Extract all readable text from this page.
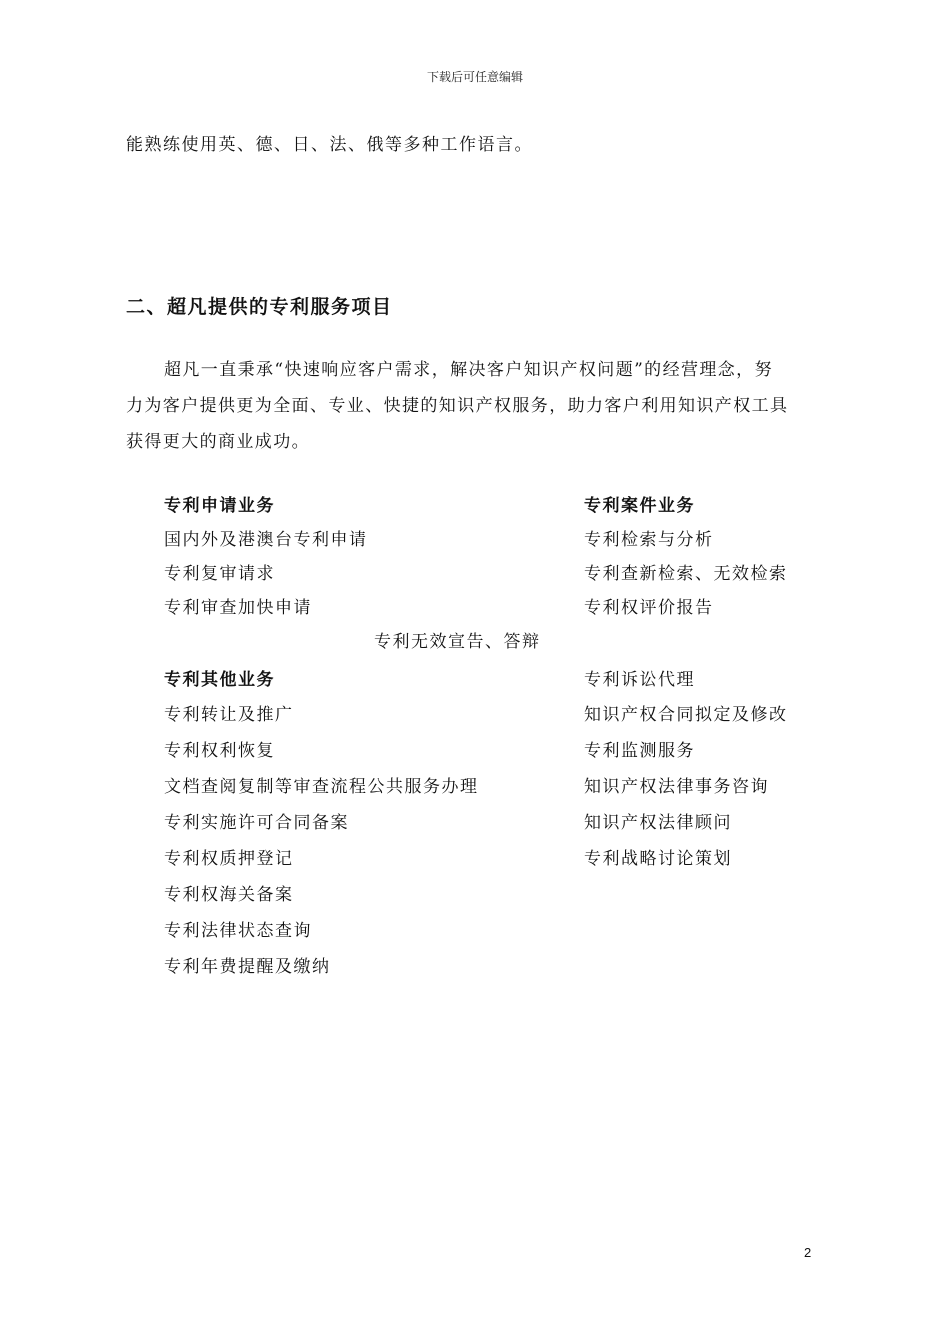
下载后可任意编辑
能熟练使用英、德、日、法、俄等多种工作语言。
二、超凡提供的专利服务项目
超凡一直秉承“快速响应客户需求，解决客户知识产权问题”的经营理念，努
力为客户提供更为全面、专业、快捷的知识产权服务，助力客户利用知识产权工具
获得更大的商业成功。
专利申请业务
国内外及港澳台专利申请
专利复审请求
专利审查加快申请
专利无效宣告、答辩
专利其他业务
专利转让及推广
专利权利恢复
文档查阅复制等审查流程公共服务办理
专利实施许可合同备案
专利权质押登记
专利权海关备案
专利法律状态查询
专利年费提醒及缴纳
专利案件业务
专利检索与分析
专利查新检索、无效检索
专利权评价报告
专利诉讼代理
知识产权合同拟定及修改
专利监测服务
知识产权法律事务咨询
知识产权法律顾问
专利战略讨论策划
2
